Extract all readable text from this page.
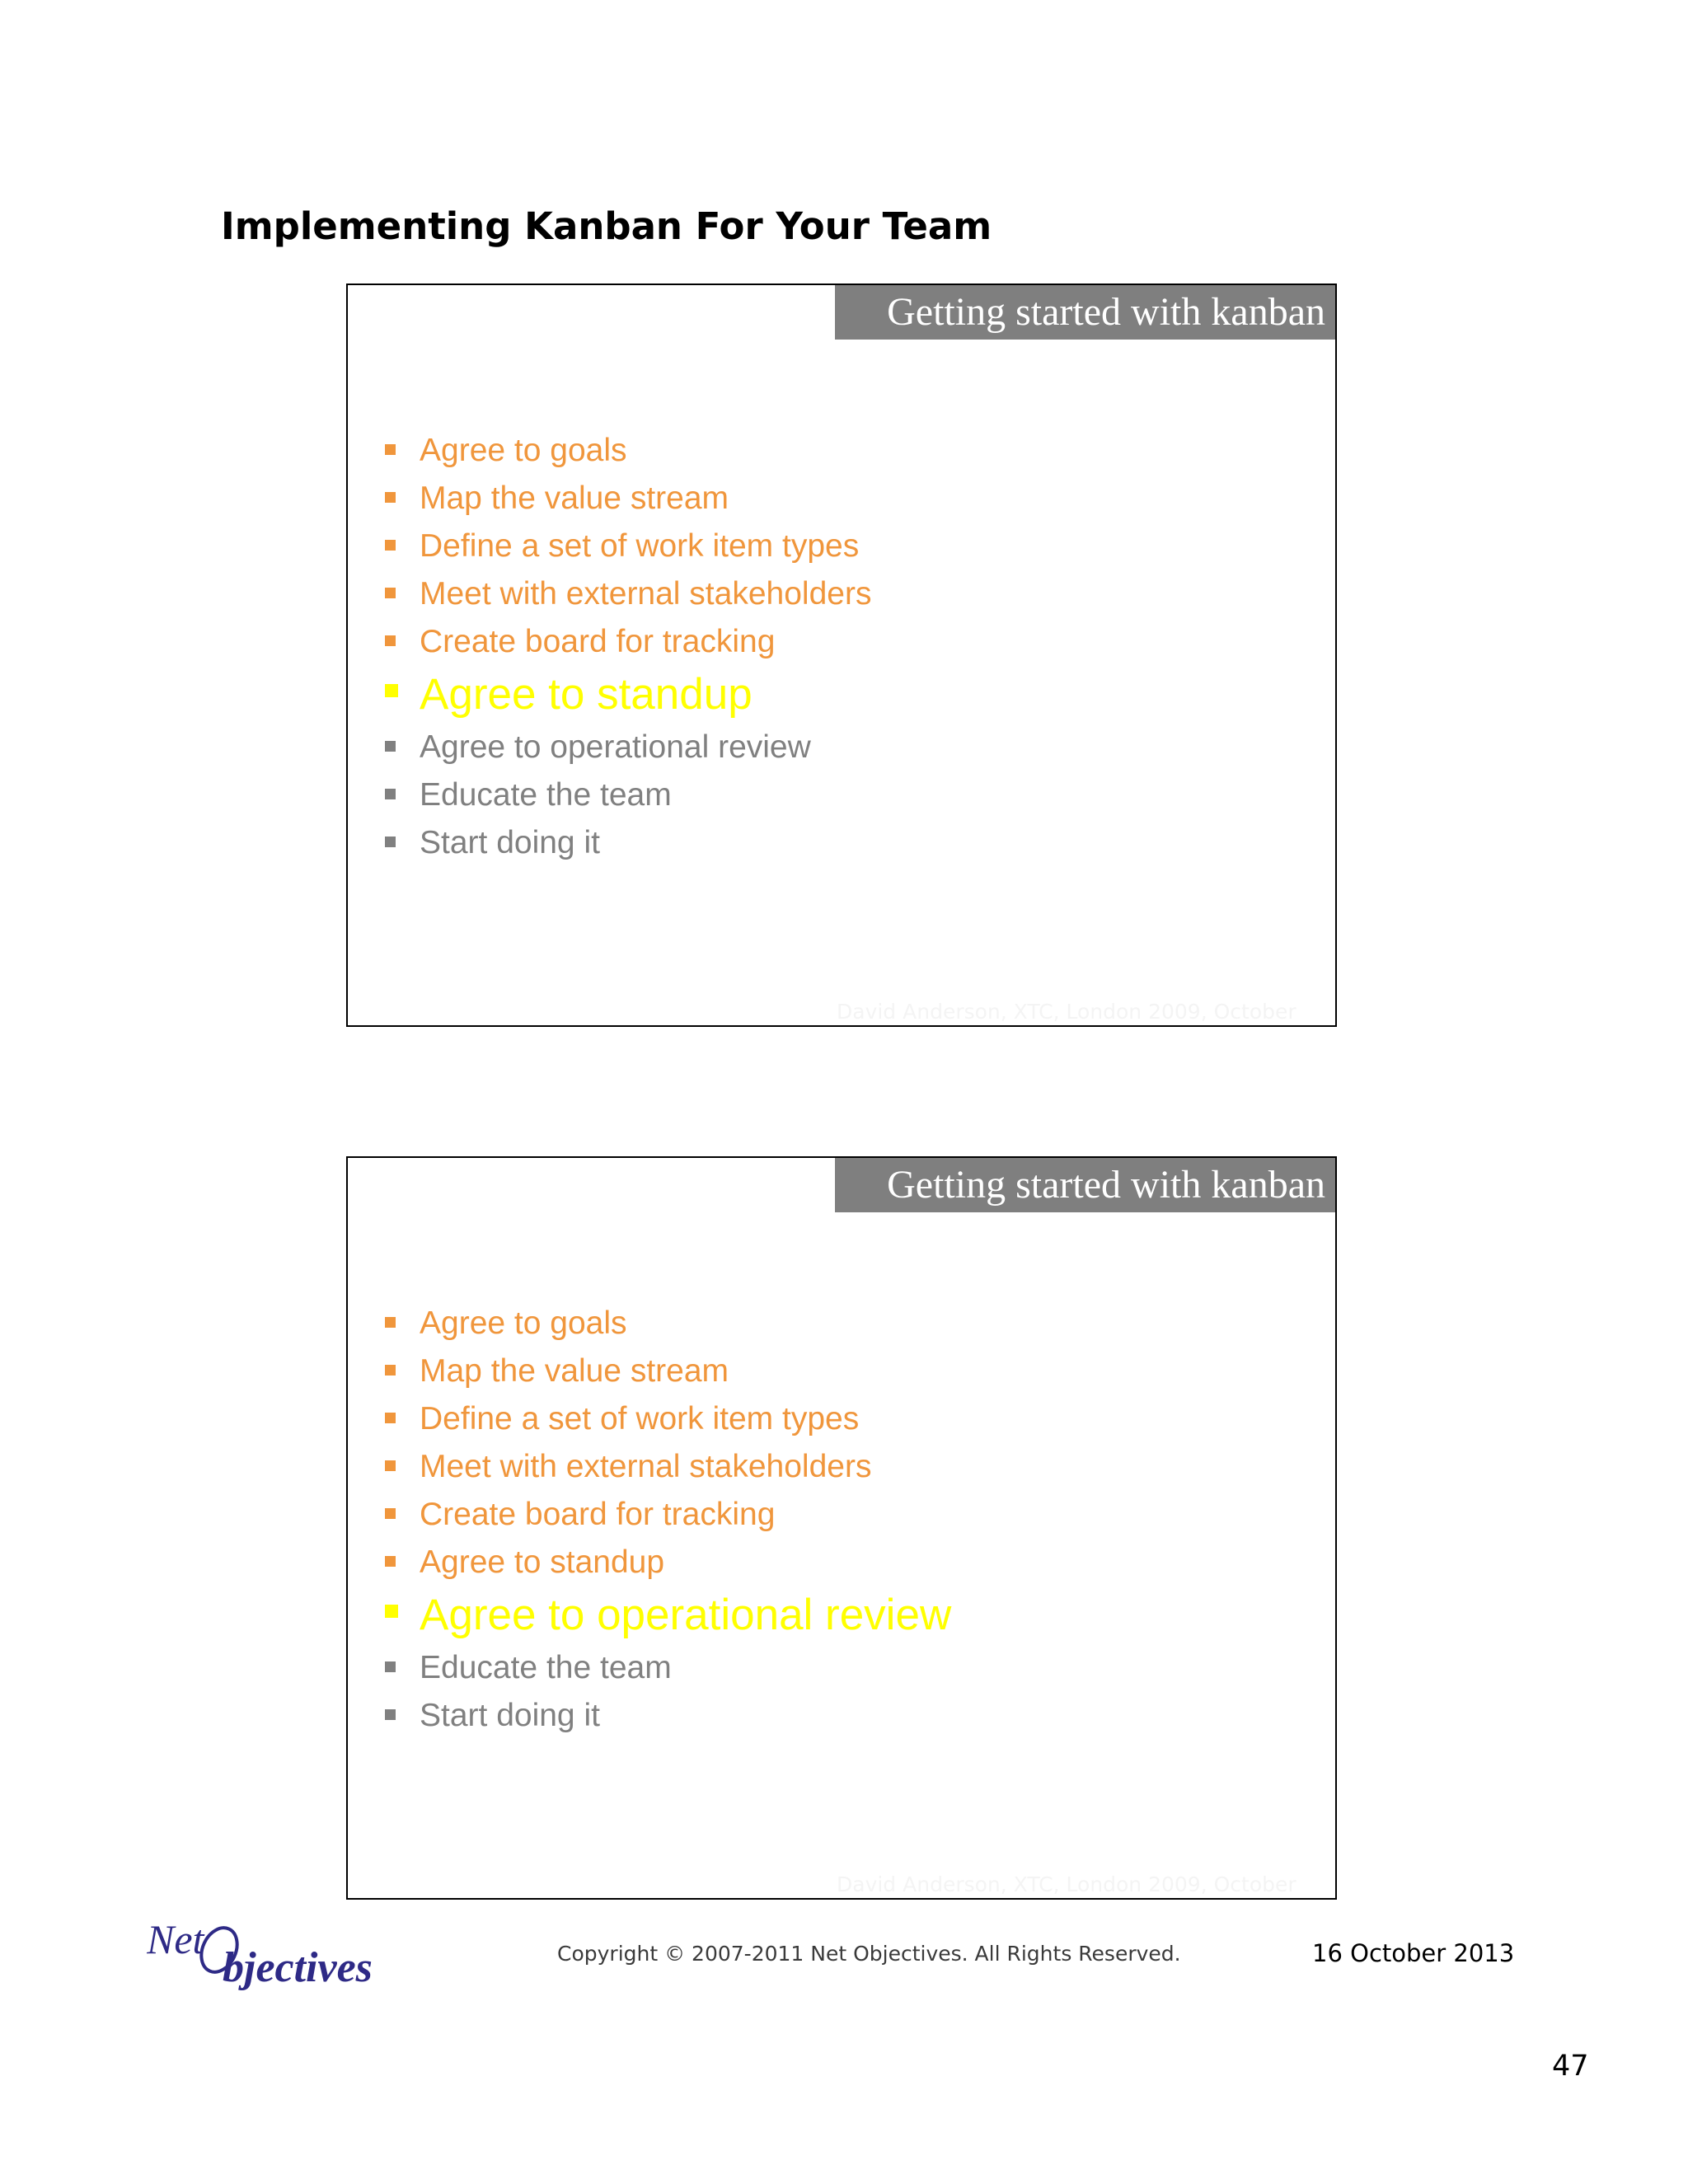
Implementing Kanban For Your Team
Getting started with kanban
Agree to goals
Map the value stream
Define a set of work item types
Meet with external stakeholders
Create board for tracking
Agree to standup
Agree to operational review
Educate the team
Start doing it
David Anderson, XTC, London 2009, October
Getting started with kanban
Agree to goals
Map the value stream
Define a set of work item types
Meet with external stakeholders
Create board for tracking
Agree to standup
Agree to operational review
Educate the team
Start doing it
David Anderson, XTC, London 2009, October
Net
bjectives	Copyright © 2007-2011 Net Objectives. All Rights Reserved.	16 October 2013
47
